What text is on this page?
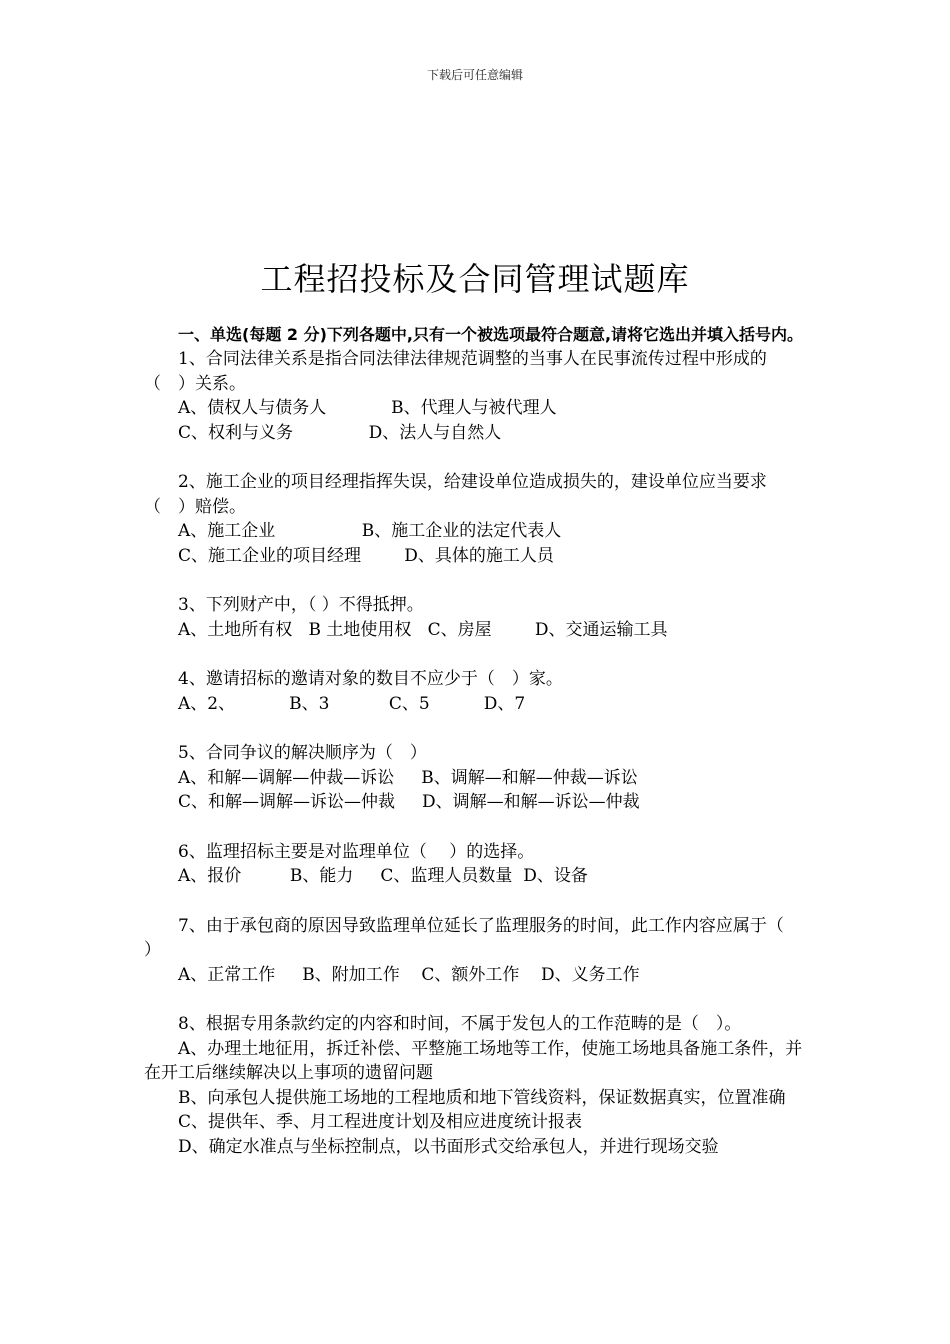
下载后可任意编辑
工程招投标及合同管理试题库

一、单选(每题 2 分)下列各题中,只有一个被选项最符合题意,请将它选出并填入括号内。

1、合同法律关系是指合同法律法律规范调整的当事人在民事流传过程中形成的（　）关系。

A、债权人与债务人            B、代理人与被代理人

C、权利与义务              D、法人与自然人

2、施工企业的项目经理指挥失误，给建设单位造成损失的，建设单位应当要求（　）赔偿。

A、施工企业                B、施工企业的法定代表人

C、施工企业的项目经理        D、具体的施工人员

3、下列财产中，（ ）不得抵押。

A、土地所有权   B 土地使用权   C、房屋        D、交通运输工具

4、邀请招标的邀请对象的数目不应少于（　）家。

A、2、          B、3           C、5          D、7

5、合同争议的解决顺序为（　）

A、和解—调解—仲裁—诉讼     B、调解—和解—仲裁—诉讼

C、和解—调解—诉讼—仲裁     D、调解—和解—诉讼—仲裁

6、监理招标主要是对监理单位（　 ）的选择。

A、报价         B、能力     C、监理人员数量  D、设备

7、由于承包商的原因导致监理单位延长了监理服务的时间，此工作内容应属于（　 ）

A、正常工作     B、附加工作    C、额外工作    D、义务工作

8、根据专用条款约定的内容和时间，不属于发包人的工作范畴的是（　）。

A、办理土地征用，拆迁补偿、平整施工场地等工作，使施工场地具备施工条件，并在开工后继续解决以上事项的遗留问题

B、向承包人提供施工场地的工程地质和地下管线资料，保证数据真实，位置准确

C、提供年、季、月工程进度计划及相应进度统计报表

D、确定水准点与坐标控制点，以书面形式交给承包人，并进行现场交验
